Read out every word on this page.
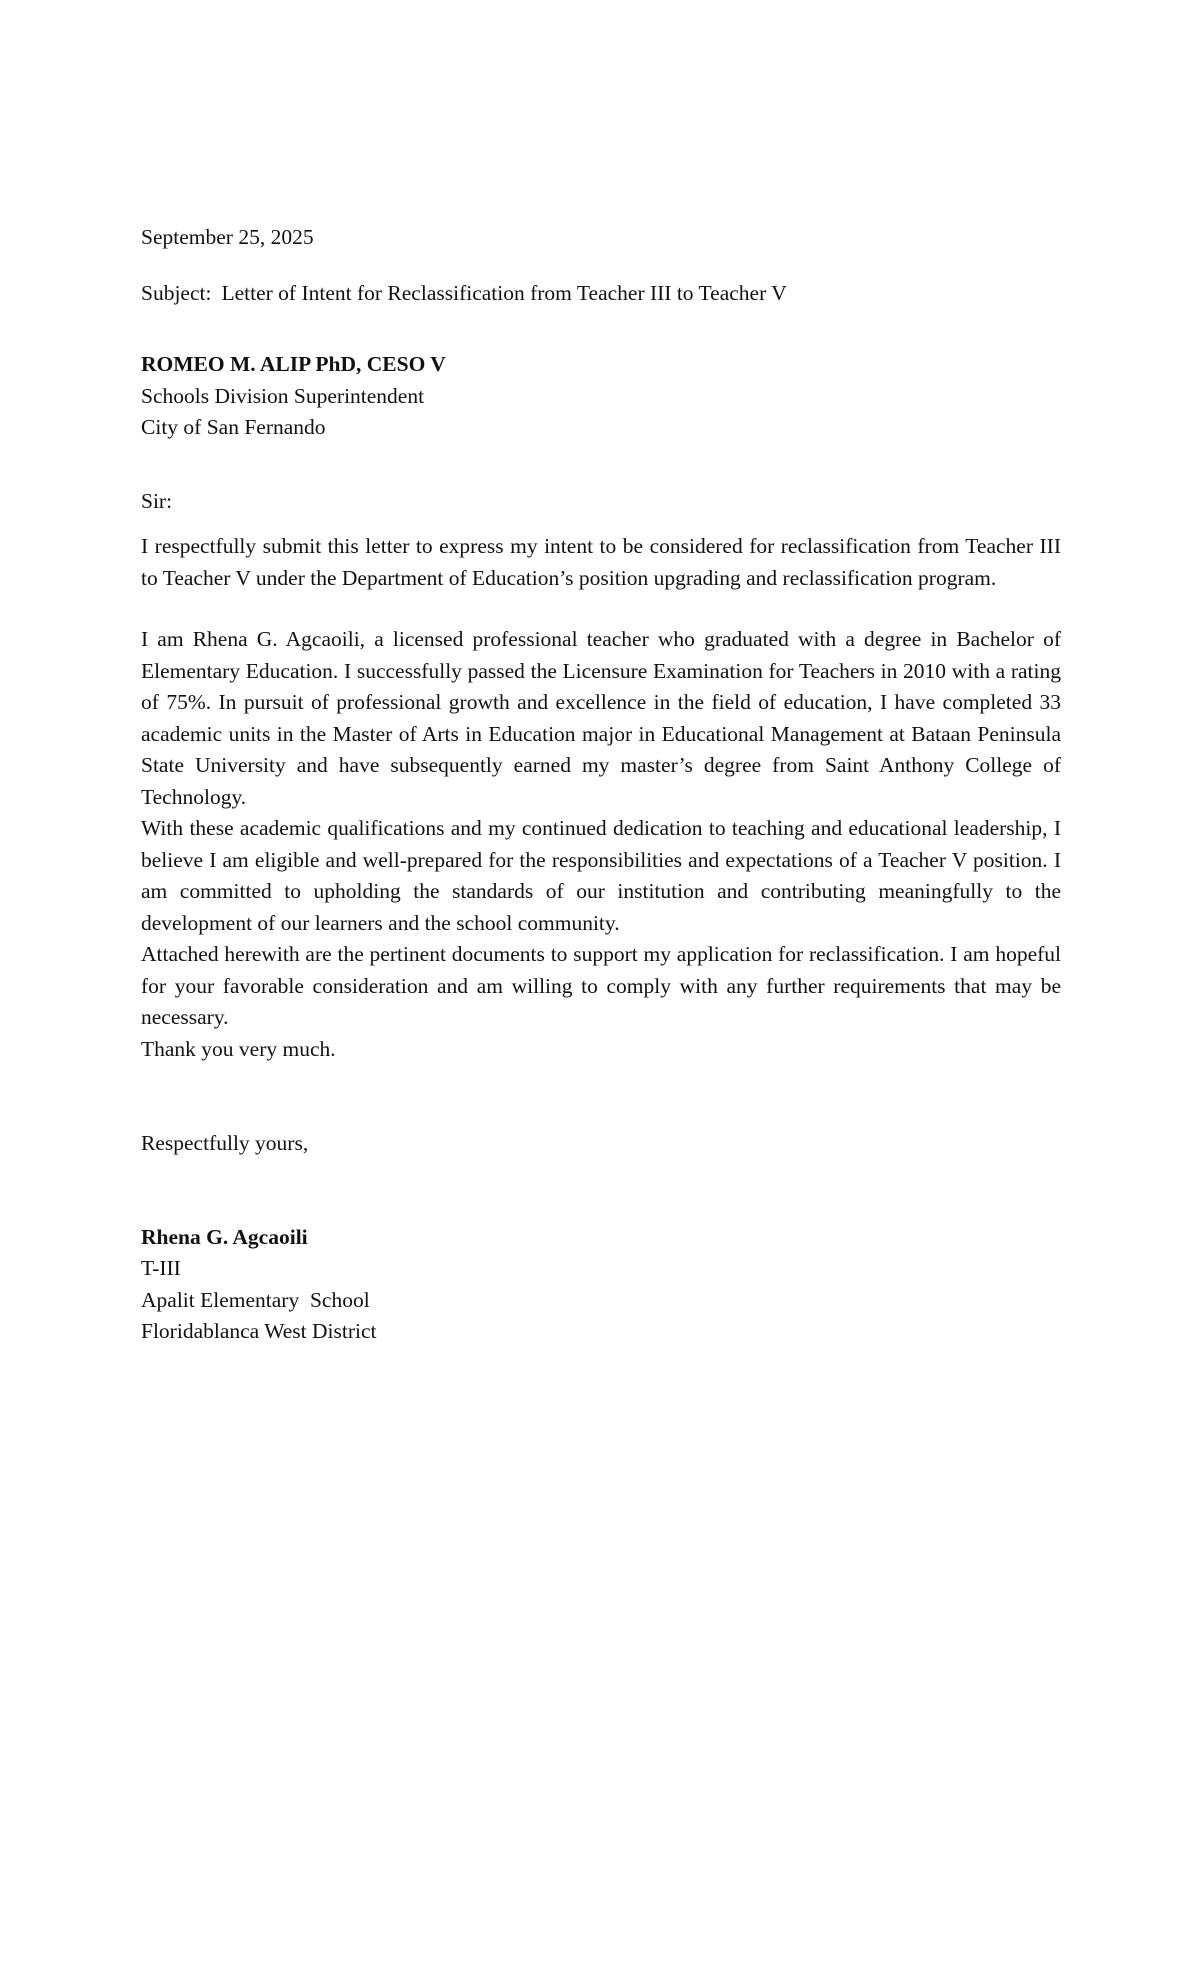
September 25, 2025

Subject: Letter of Intent for Reclassification from Teacher III to Teacher V

ROMEO M. ALIP PhD, CESO V

Schools Division Superintendent

City of San Fernando

Sir:

I respectfully submit this letter to express my intent to be considered for reclassification from Teacher III to Teacher V under the Department of Education’s position upgrading and reclassification program.

I am Rhena G. Agcaoili, a licensed professional teacher who graduated with a degree in Bachelor of Elementary Education. I successfully passed the Licensure Examination for Teachers in 2010 with a rating of 75%. In pursuit of professional growth and excellence in the field of education, I have completed 33 academic units in the Master of Arts in Education major in Educational Management at Bataan Peninsula State University and have subsequently earned my master’s degree from Saint Anthony College of Technology.

With these academic qualifications and my continued dedication to teaching and educational leadership, I believe I am eligible and well-prepared for the responsibilities and expectations of a Teacher V position. I am committed to upholding the standards of our institution and contributing meaningfully to the development of our learners and the school community.

Attached herewith are the pertinent documents to support my application for reclassification. I am hopeful for your favorable consideration and am willing to comply with any further requirements that may be necessary.

Thank you very much.

Respectfully yours,

Rhena G. Agcaoili

T-III

Apalit Elementary  School

Floridablanca West District
